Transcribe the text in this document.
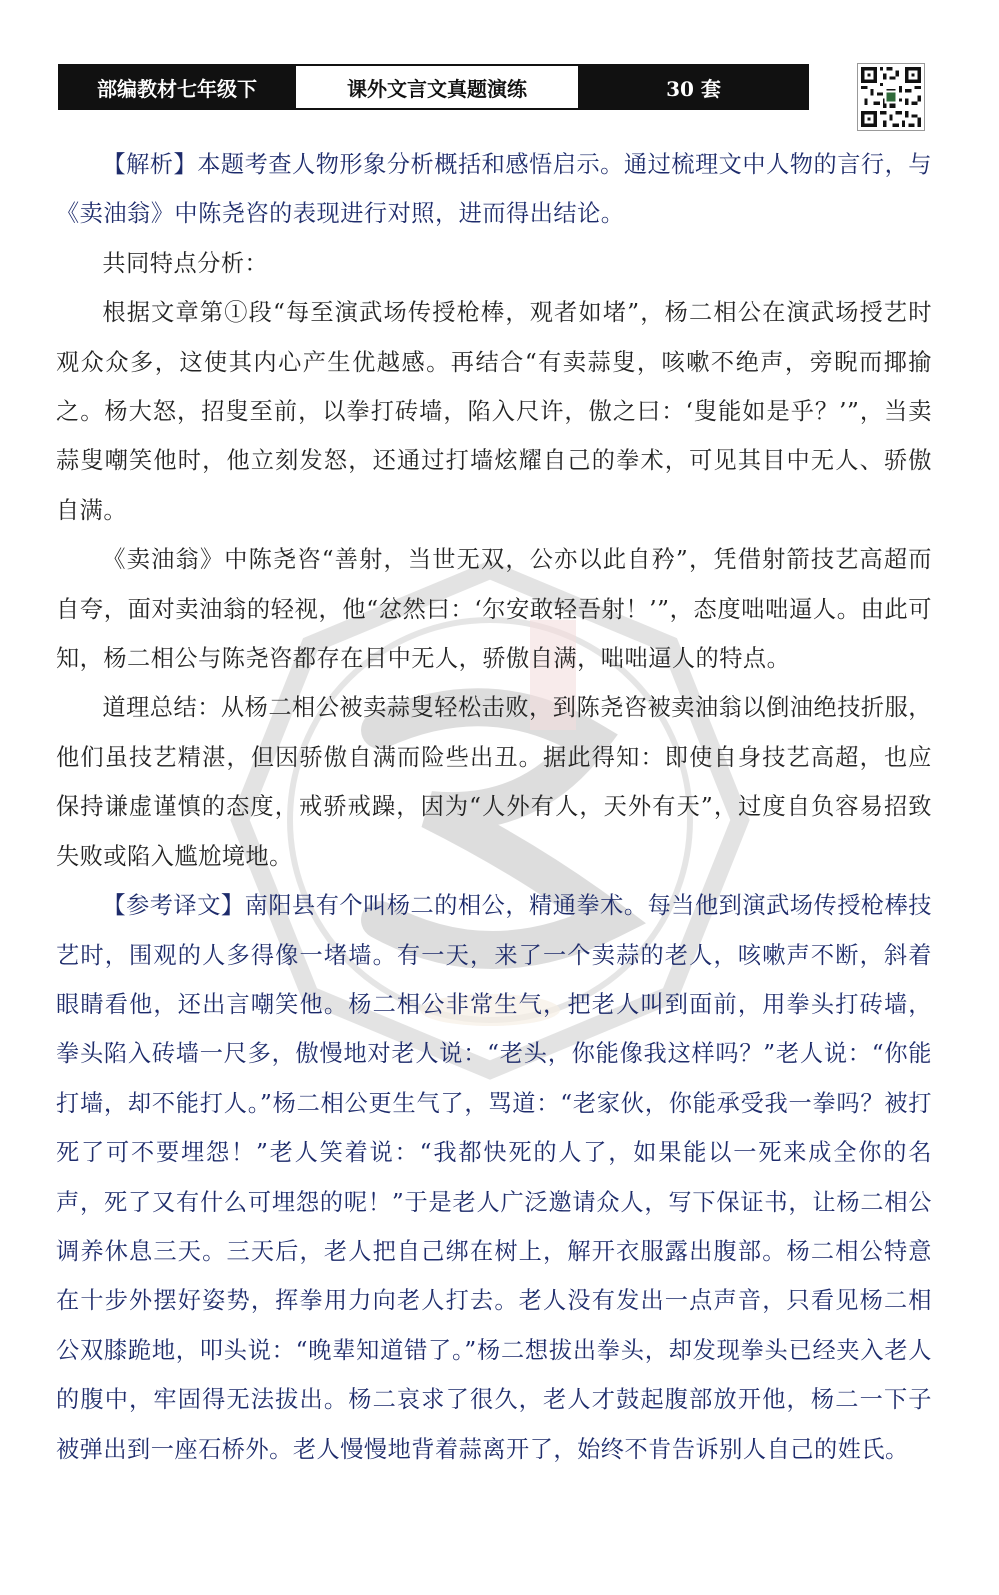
部编教材七年级下	课外文言文真题演练	30 套

【解析】本题考查人物形象分析概括和感悟启示。通过梳理文中人物的言行，与《卖油翁》中陈尧咨的表现进行对照，进而得出结论。

共同特点分析：

根据文章第①段“每至演武场传授枪棒，观者如堵”，杨二相公在演武场授艺时观众众多，这使其内心产生优越感。再结合“有卖蒜叟，咳嗽不绝声，旁睨而揶揄之。杨大怒，招叟至前，以拳打砖墙，陷入尺许，傲之曰：‘叟能如是乎？’”，当卖蒜叟嘲笑他时，他立刻发怒，还通过打墙炫耀自己的拳术，可见其目中无人、骄傲自满。

《卖油翁》中陈尧咨“善射，当世无双，公亦以此自矜”，凭借射箭技艺高超而自夸，面对卖油翁的轻视，他“忿然曰：‘尔安敢轻吾射！’”，态度咄咄逼人。由此可知，杨二相公与陈尧咨都存在目中无人，骄傲自满，咄咄逼人的特点。

道理总结：从杨二相公被卖蒜叟轻松击败，到陈尧咨被卖油翁以倒油绝技折服，他们虽技艺精湛，但因骄傲自满而险些出丑。据此得知：即使自身技艺高超，也应保持谦虚谨慎的态度，戒骄戒躁，因为“人外有人，天外有天”，过度自负容易招致失败或陷入尴尬境地。

【参考译文】南阳县有个叫杨二的相公，精通拳术。每当他到演武场传授枪棒技艺时，围观的人多得像一堵墙。有一天，来了一个卖蒜的老人，咳嗽声不断，斜着眼睛看他，还出言嘲笑他。杨二相公非常生气，把老人叫到面前，用拳头打砖墙，拳头陷入砖墙一尺多，傲慢地对老人说：“老头，你能像我这样吗？”老人说：“你能打墙，却不能打人。”杨二相公更生气了，骂道：“老家伙，你能承受我一拳吗？被打死了可不要埋怨！”老人笑着说：“我都快死的人了，如果能以一死来成全你的名声，死了又有什么可埋怨的呢！”于是老人广泛邀请众人，写下保证书，让杨二相公调养休息三天。三天后，老人把自己绑在树上，解开衣服露出腹部。杨二相公特意在十步外摆好姿势，挥拳用力向老人打去。老人没有发出一点声音，只看见杨二相公双膝跪地，叩头说：“晚辈知道错了。”杨二想拔出拳头，却发现拳头已经夹入老人的腹中，牢固得无法拔出。杨二哀求了很久，老人才鼓起腹部放开他，杨二一下子被弹出到一座石桥外。老人慢慢地背着蒜离开了，始终不肯告诉别人自己的姓氏。
